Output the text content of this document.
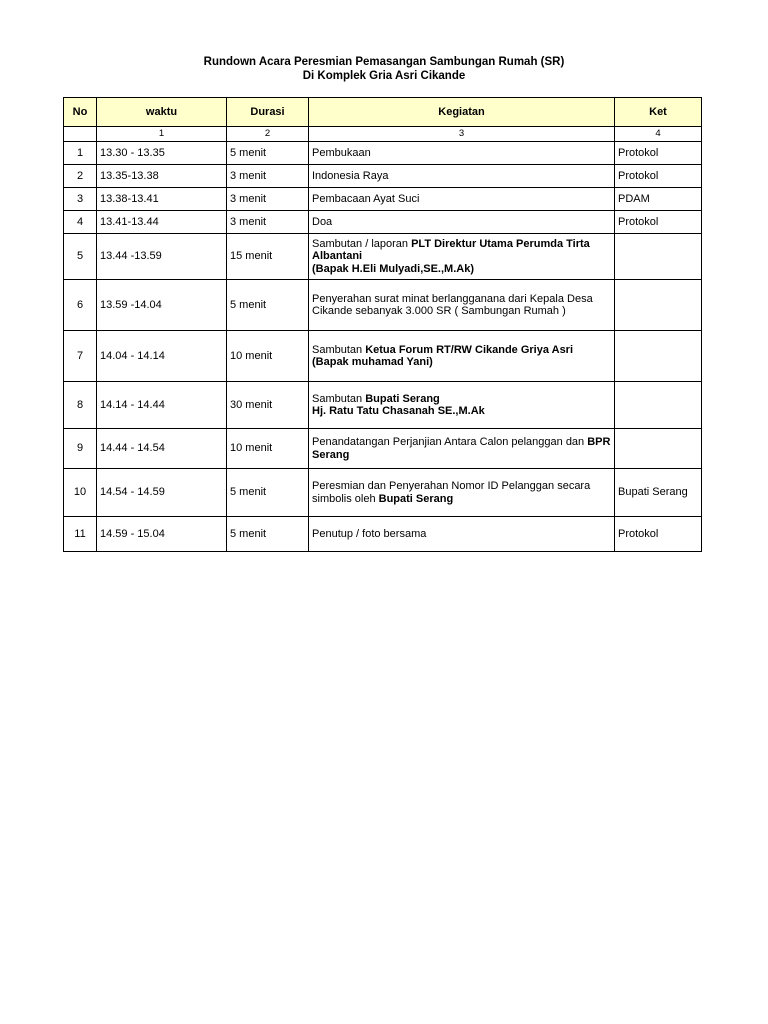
Rundown Acara Peresmian Pemasangan Sambungan Rumah (SR)
Di Komplek Gria Asri Cikande
No	waktu	Durasi	Kegiatan	Ket
	1	2	3	4
1	13.30 - 13.35	5 menit	Pembukaan	Protokol
2	13.35-13.38	3 menit	Indonesia Raya	Protokol
3	13.38-13.41	3 menit	Pembacaan Ayat Suci	PDAM
4	13.41-13.44	3 menit	Doa	Protokol
5	13.44 -13.59	15 menit	Sambutan / laporan PLT Direktur Utama Perumda Tirta Albantani
(Bapak H.Eli Mulyadi,SE.,M.Ak)	
6	13.59 -14.04	5 menit	Penyerahan surat minat berlangganana dari Kepala Desa Cikande sebanyak 3.000 SR ( Sambungan Rumah )	
7	14.04 - 14.14	10 menit	Sambutan Ketua Forum RT/RW Cikande Griya Asri
(Bapak muhamad Yani)	
8	14.14 - 14.44	30 menit	Sambutan Bupati Serang
Hj. Ratu Tatu Chasanah SE.,M.Ak	
9	14.44 - 14.54	10 menit	Penandatangan Perjanjian Antara Calon pelanggan dan BPR Serang	
10	14.54 - 14.59	5 menit	Peresmian dan Penyerahan Nomor ID Pelanggan secara simbolis oleh Bupati Serang	Bupati Serang
11	14.59 - 15.04	5 menit	Penutup / foto bersama	Protokol
